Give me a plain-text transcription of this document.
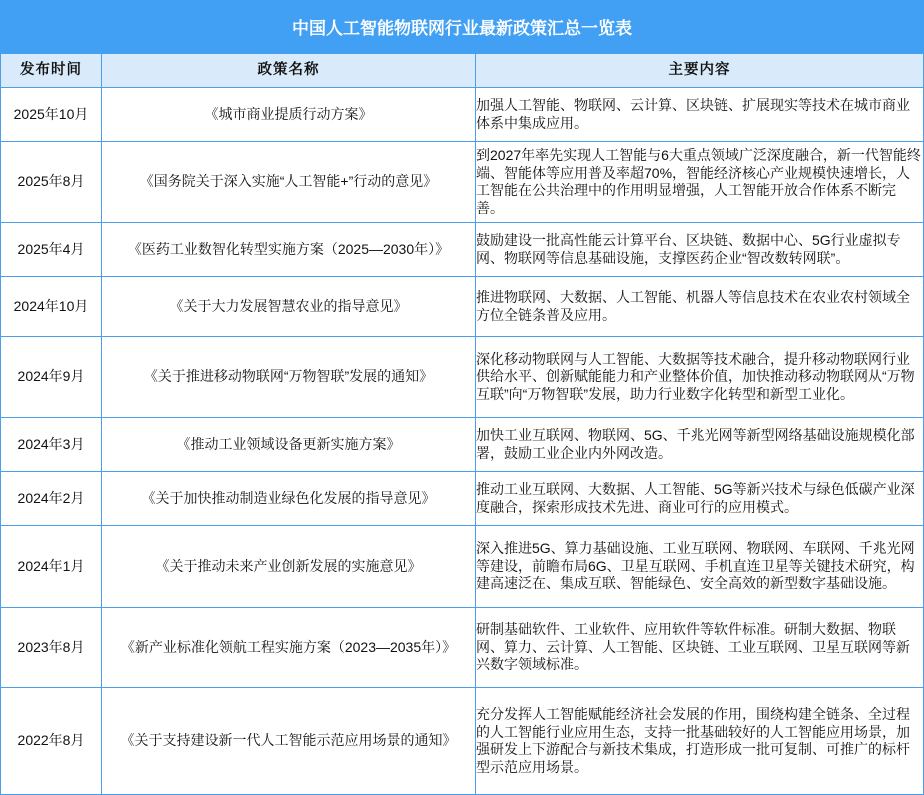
中国人工智能物联网行业最新政策汇总一览表
发布时间	政策名称	主要内容
2025年10月	《城市商业提质行动方案》	加强人工智能、物联网、云计算、区块链、扩展现实等技术在城市商业体系中集成应用。
2025年8月	《国务院关于深入实施“人工智能+”行动的意见》	到2027年率先实现人工智能与6大重点领域广泛深度融合，新一代智能终端、智能体等应用普及率超70%，智能经济核心产业规模快速增长，人工智能在公共治理中的作用明显增强，人工智能开放合作体系不断完善。
2025年4月	《医药工业数智化转型实施方案（2025—2030年）》	鼓励建设一批高性能云计算平台、区块链、数据中心、5G行业虚拟专网、物联网等信息基础设施，支撑医药企业“智改数转网联”。
2024年10月	《关于大力发展智慧农业的指导意见》	推进物联网、大数据、人工智能、机器人等信息技术在农业农村领域全方位全链条普及应用。
2024年9月	《关于推进移动物联网“万物智联”发展的通知》	深化移动物联网与人工智能、大数据等技术融合，提升移动物联网行业供给水平、创新赋能能力和产业整体价值，加快推动移动物联网从“万物互联”向“万物智联”发展，助力行业数字化转型和新型工业化。
2024年3月	《推动工业领域设备更新实施方案》	加快工业互联网、物联网、5G、千兆光网等新型网络基础设施规模化部署，鼓励工业企业内外网改造。
2024年2月	《关于加快推动制造业绿色化发展的指导意见》	推动工业互联网、大数据、人工智能、5G等新兴技术与绿色低碳产业深度融合，探索形成技术先进、商业可行的应用模式。
2024年1月	《关于推动未来产业创新发展的实施意见》	深入推进5G、算力基础设施、工业互联网、物联网、车联网、千兆光网等建设，前瞻布局6G、卫星互联网、手机直连卫星等关键技术研究，构建高速泛在、集成互联、智能绿色、安全高效的新型数字基础设施。
2023年8月	《新产业标准化领航工程实施方案（2023—2035年）》	研制基础软件、工业软件、应用软件等软件标准。研制大数据、物联网、算力、云计算、人工智能、区块链、工业互联网、卫星互联网等新兴数字领域标准。
2022年8月	《关于支持建设新一代人工智能示范应用场景的通知》	充分发挥人工智能赋能经济社会发展的作用，围绕构建全链条、全过程的人工智能行业应用生态，支持一批基础较好的人工智能应用场景，加强研发上下游配合与新技术集成，打造形成一批可复制、可推广的标杆型示范应用场景。
